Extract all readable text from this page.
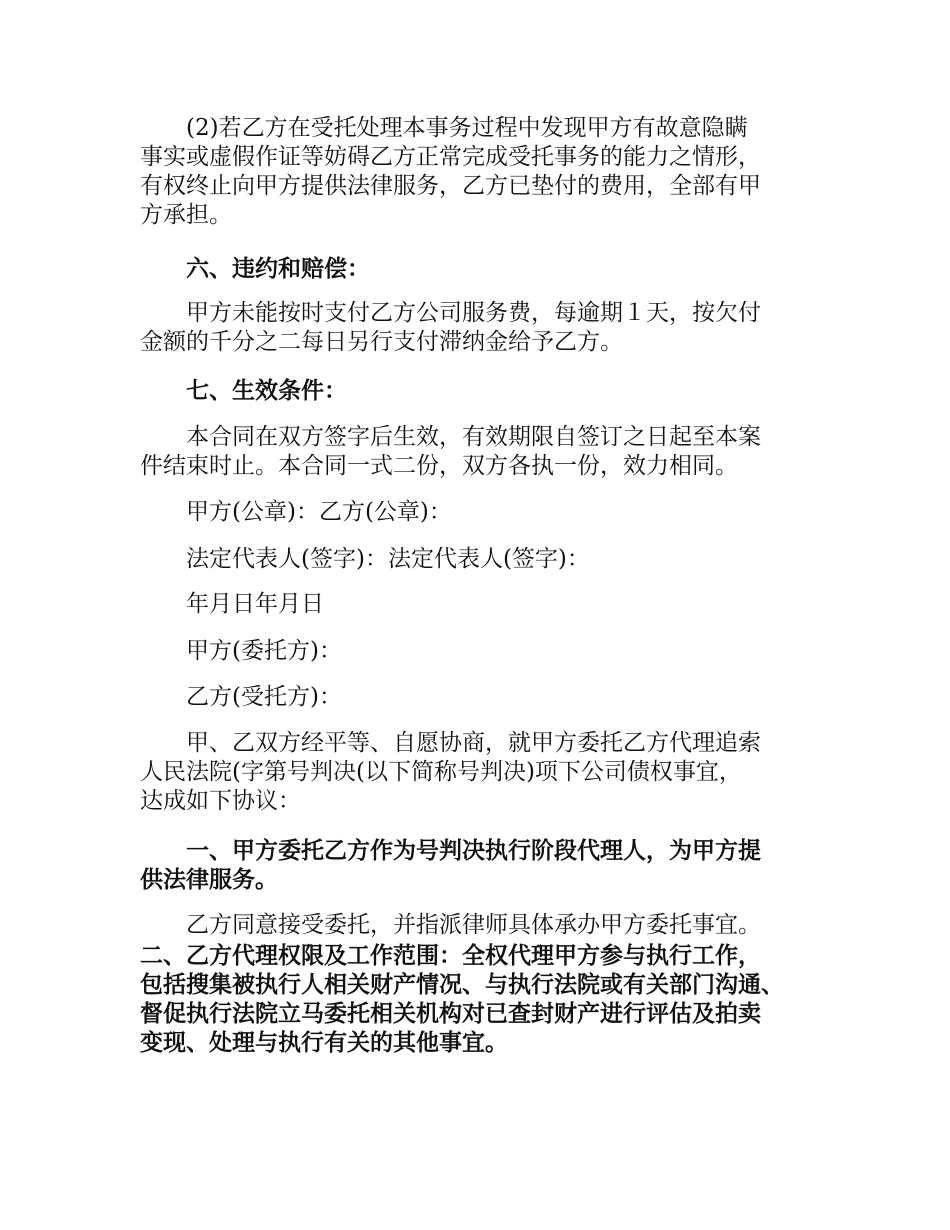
(2)若乙方在受托处理本事务过程中发现甲方有故意隐瞒
事实或虚假作证等妨碍乙方正常完成受托事务的能力之情形，
有权终止向甲方提供法律服务，乙方已垫付的费用，全部有甲
方承担。

六、违约和赔偿：

甲方未能按时支付乙方公司服务费，每逾期１天，按欠付
金额的千分之二每日另行支付滞纳金给予乙方。

七、生效条件：

本合同在双方签字后生效，有效期限自签订之日起至本案
件结束时止。本合同一式二份，双方各执一份，效力相同。

甲方(公章)：乙方(公章)：

法定代表人(签字)：法定代表人(签字)：

年月日年月日

甲方(委托方)：

乙方(受托方)：

甲、乙双方经平等、自愿协商，就甲方委托乙方代理追索
人民法院(字第号判决(以下简称号判决)项下公司债权事宜，
达成如下协议：

一、甲方委托乙方作为号判决执行阶段代理人，为甲方提
供法律服务。

乙方同意接受委托，并指派律师具体承办甲方委托事宜。

二、乙方代理权限及工作范围：全权代理甲方参与执行工作，
包括搜集被执行人相关财产情况、与执行法院或有关部门沟通、
督促执行法院立马委托相关机构对已查封财产进行评估及拍卖
变现、处理与执行有关的其他事宜。
